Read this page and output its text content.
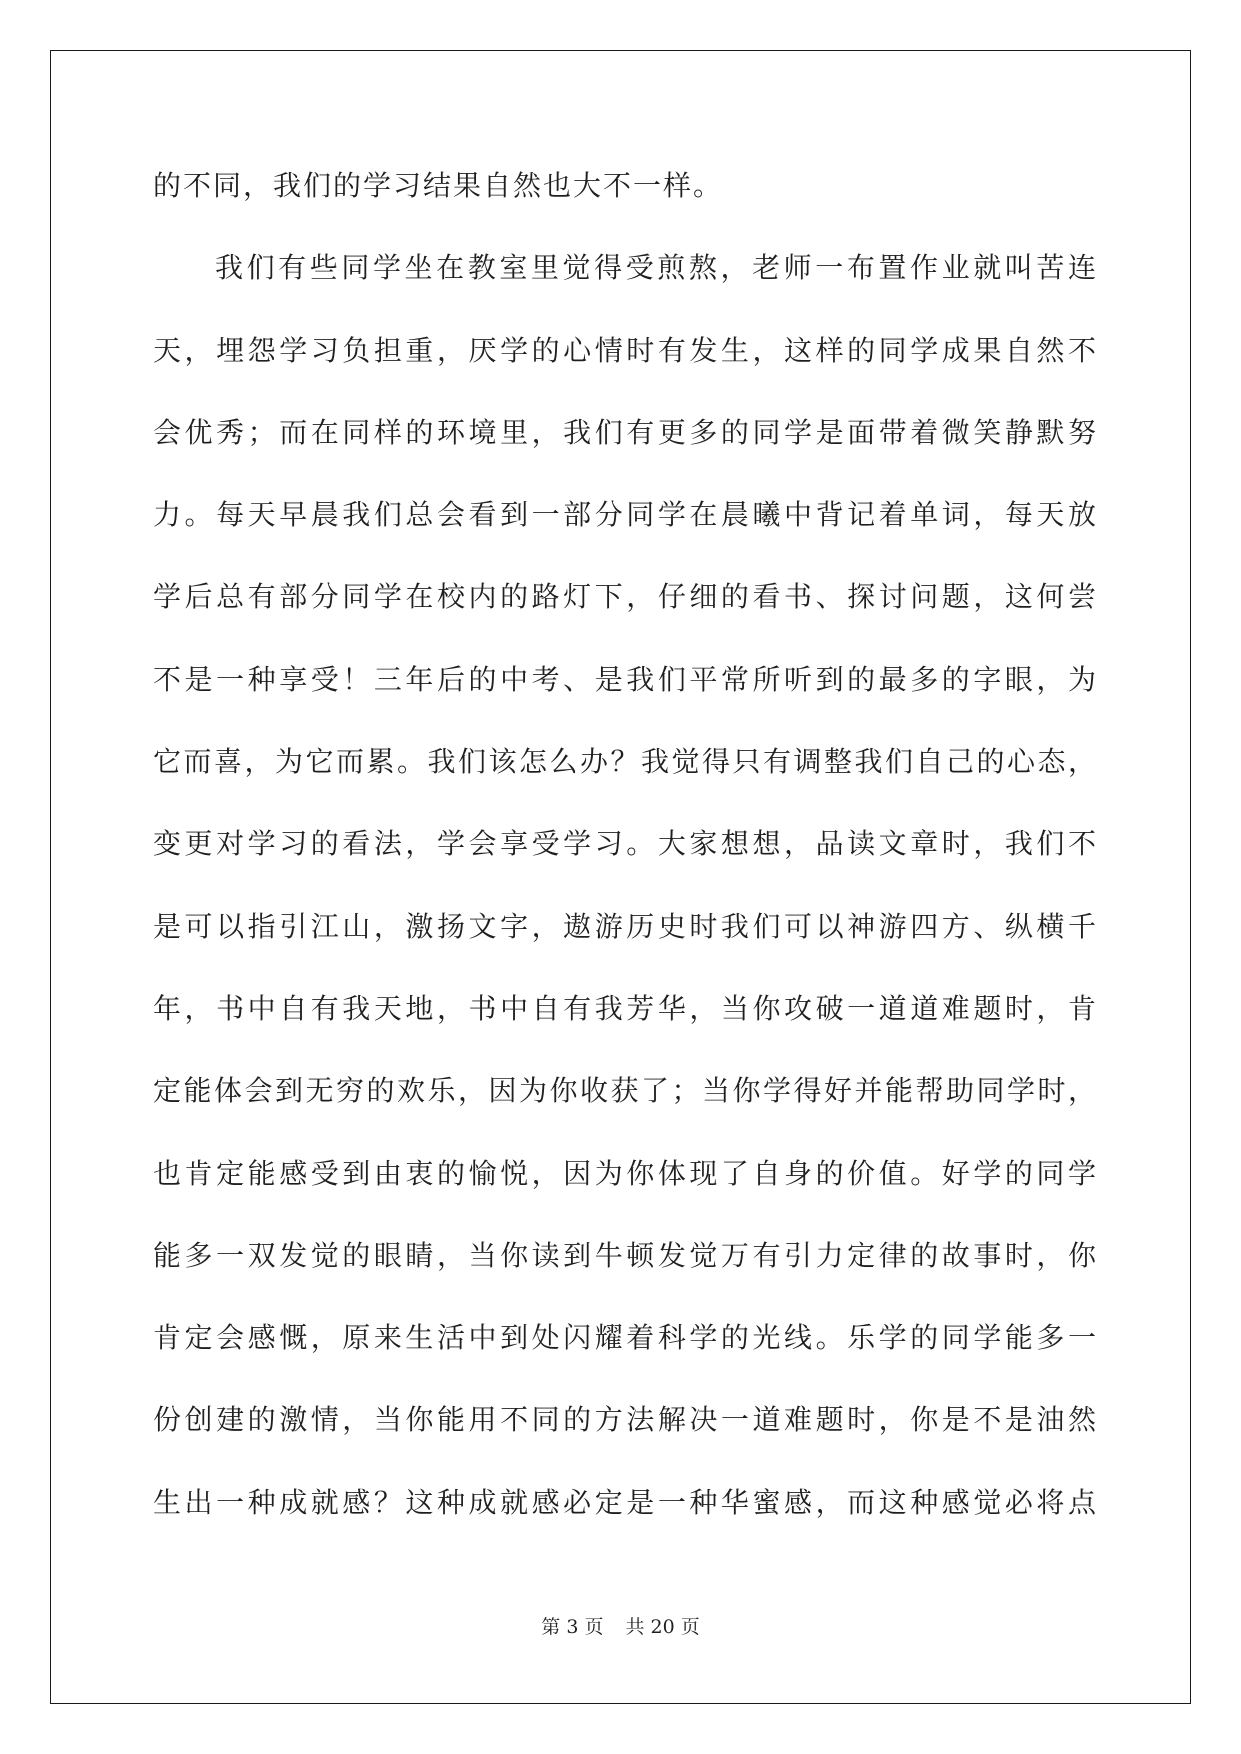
的不同，我们的学习结果自然也大不一样。
我们有些同学坐在教室里觉得受煎熬，老师一布置作业就叫苦连
天，埋怨学习负担重，厌学的心情时有发生，这样的同学成果自然不
会优秀；而在同样的环境里，我们有更多的同学是面带着微笑静默努
力。每天早晨我们总会看到一部分同学在晨曦中背记着单词，每天放
学后总有部分同学在校内的路灯下，仔细的看书、探讨问题，这何尝
不是一种享受！三年后的中考、是我们平常所听到的最多的字眼，为
它而喜，为它而累。我们该怎么办？我觉得只有调整我们自己的心态，
变更对学习的看法，学会享受学习。大家想想，品读文章时，我们不
是可以指引江山，激扬文字，遨游历史时我们可以神游四方、纵横千
年，书中自有我天地，书中自有我芳华，当你攻破一道道难题时，肯
定能体会到无穷的欢乐，因为你收获了；当你学得好并能帮助同学时，
也肯定能感受到由衷的愉悦，因为你体现了自身的价值。好学的同学
能多一双发觉的眼睛，当你读到牛顿发觉万有引力定律的故事时，你
肯定会感慨，原来生活中到处闪耀着科学的光线。乐学的同学能多一
份创建的激情，当你能用不同的方法解决一道难题时，你是不是油然
生出一种成就感？这种成就感必定是一种华蜜感，而这种感觉必将点
第 3 页 共 20 页
